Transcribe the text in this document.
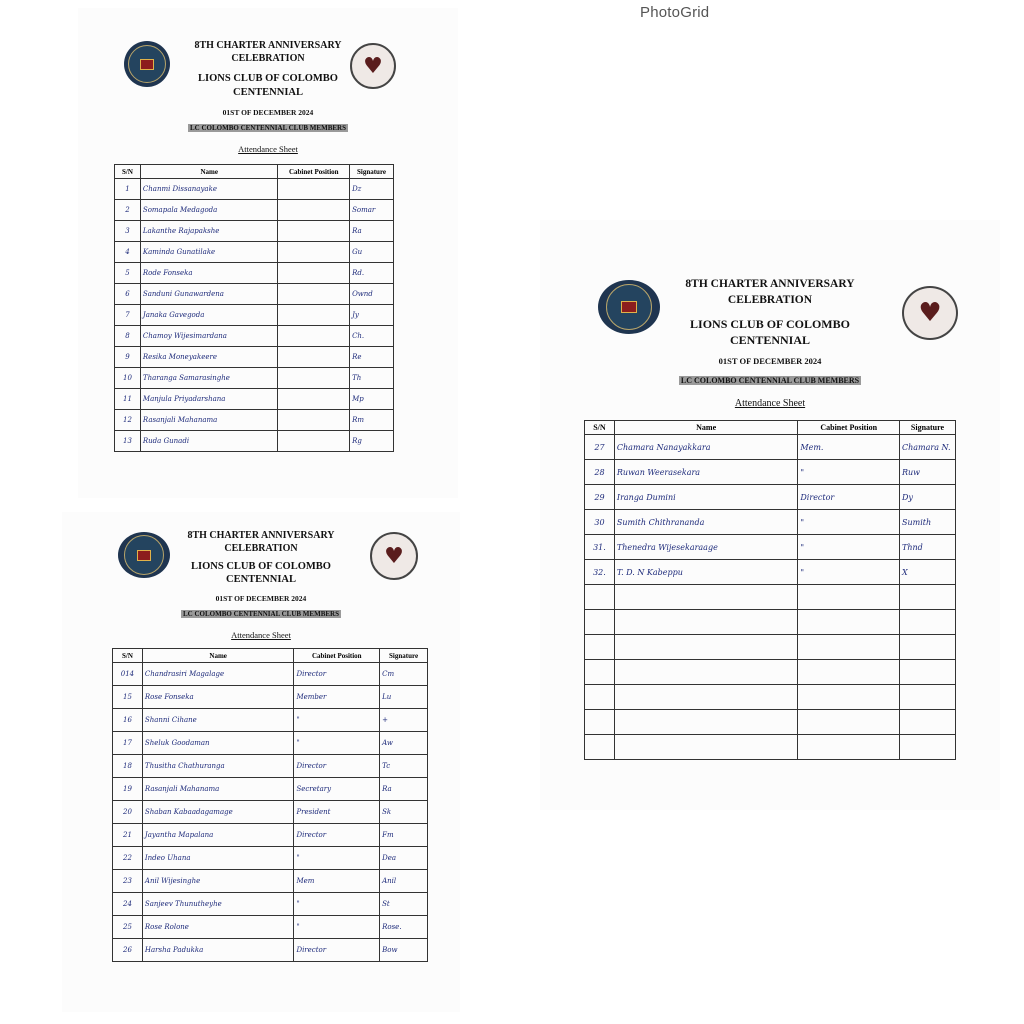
PhotoGrid
♥
8TH CHARTER ANNIVERSARY
CELEBRATION
LIONS CLUB OF COLOMBO
CENTENNIAL
01ST OF DECEMBER 2024
LC COLOMBO CENTENNIAL CLUB MEMBERS
Attendance Sheet
S/N	Name	Cabinet Position	Signature
1	Chanmi Dissanayake		Dz
2	Somapala Medagoda		Somar
3	Lakanthe Rajapakshe		Ra
4	Kaminda Gunatilake		Gu
5	Rode Fonseka		Rd.
6	Sanduni Gunawardena		Ownd
7	Janaka Gavegoda		Jy
8	Chamoy Wijesimardana		Ch.
9	Resika Moneyakeere		Re
10	Tharanga Samarasinghe		Th
11	Manjula Priyadarshana		Mp
12	Rasanjali Mahanama		Rm
13	Ruda Gunadi		Rg
♥
8TH CHARTER ANNIVERSARY
CELEBRATION
LIONS CLUB OF COLOMBO
CENTENNIAL
01ST OF DECEMBER 2024
LC COLOMBO CENTENNIAL CLUB MEMBERS
Attendance Sheet
S/N	Name	Cabinet Position	Signature
014	Chandrasiri Magalage	Director	Cm
15	Rose Fonseka	Member	Lu
16	Shanni Cihane	"	+
17	Sheluk Goodaman	"	Aw
18	Thusitha Chathuranga	Director	Tc
19	Rasanjali Mahanama	Secretary	Ra
20	Shaban Kabaadagamage	President	Sk
21	Jayantha Mapalana	Director	Fm
22	Indeo Uhana	"	Dea
23	Anil Wijesinghe	Mem	Anil
24	Sanjeev Thunutheyhe	"	St
25	Rose Rolone	"	Rose.
26	Harsha Padukka	Director	Bow
♥
8TH CHARTER ANNIVERSARY
CELEBRATION
LIONS CLUB OF COLOMBO
CENTENNIAL
01ST OF DECEMBER 2024
LC COLOMBO CENTENNIAL CLUB MEMBERS
Attendance Sheet
S/N	Name	Cabinet Position	Signature
27	Chamara Nanayakkara	Mem.	Chamara N.
28	Ruwan Weerasekara	"	Ruw
29	Iranga Dumini	Director	Dy
30	Sumith Chithrananda	"	Sumith
31.	Thenedra Wijesekaraage	"	Thnd
32.	T. D. N Kabeppu	"	X
